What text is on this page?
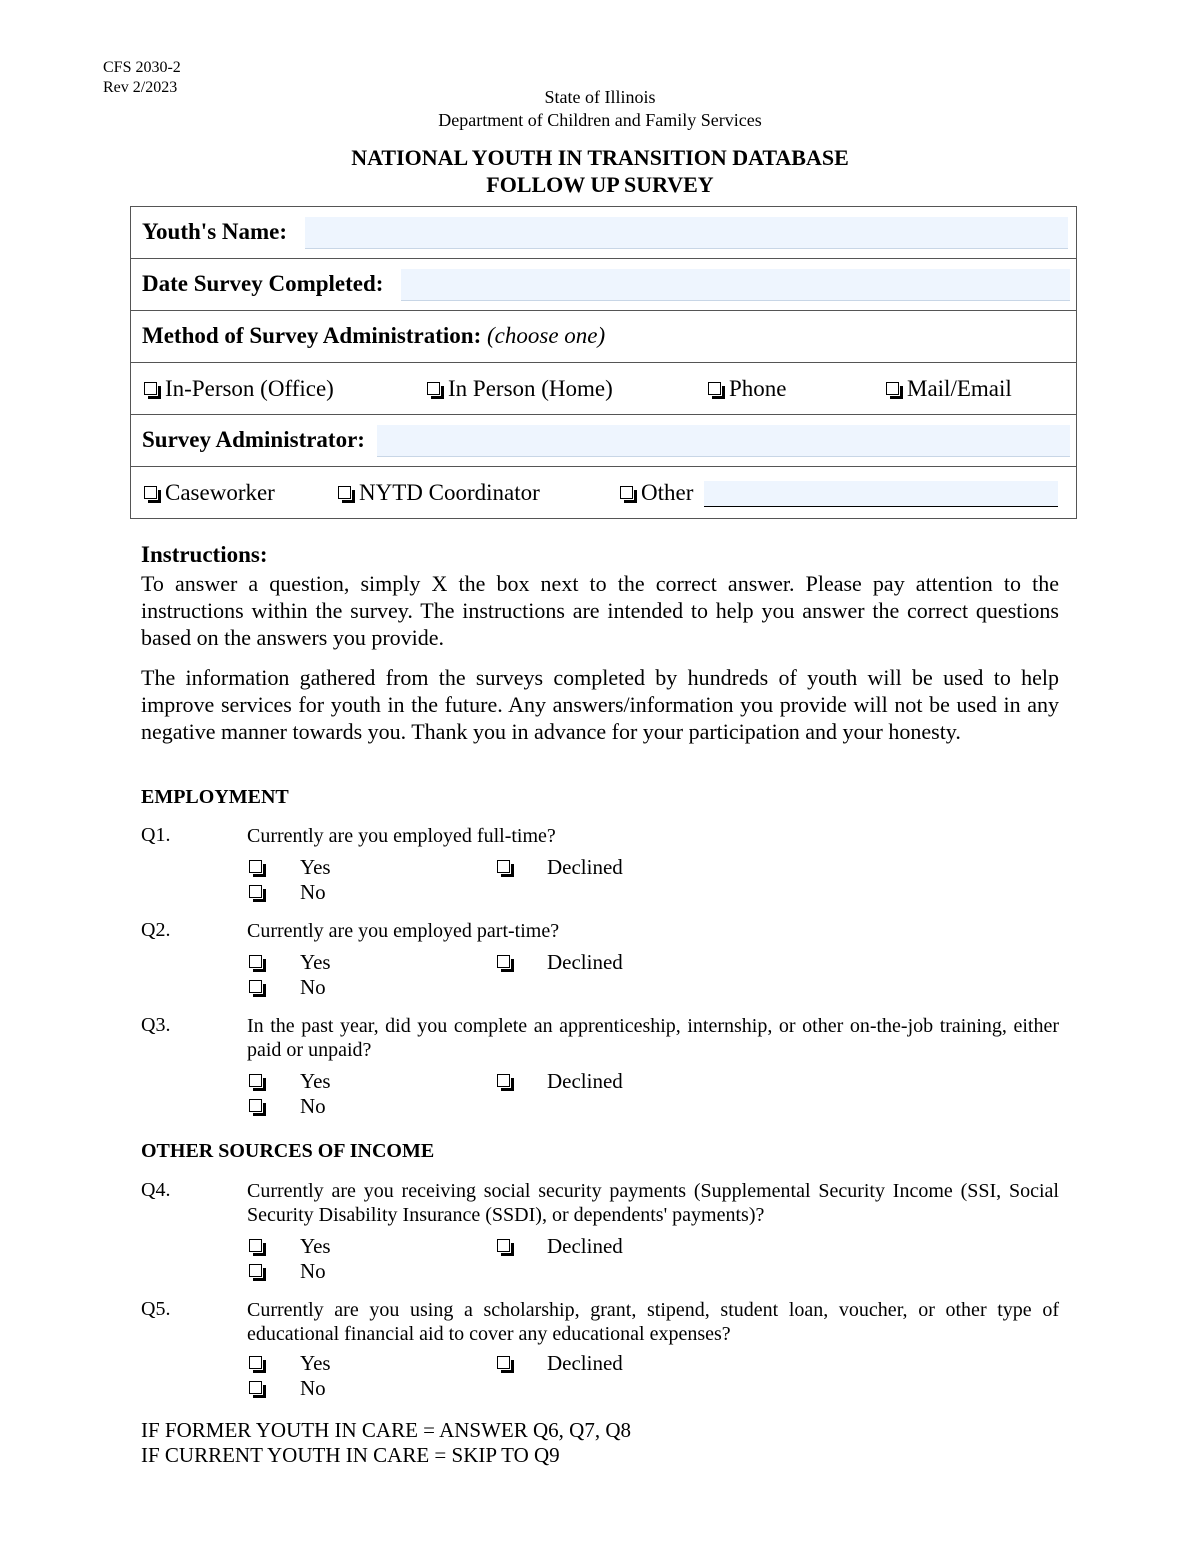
CFS 2030-2
Rev 2/2023	State of Illinois
Department of Children and Family Services
NATIONAL YOUTH IN TRANSITION DATABASE
FOLLOW UP SURVEY
Youth's Name:
Date Survey Completed:
Method of Survey Administration: (choose one)
In-Person (Office)	In Person (Home)	Phone	Mail/Email
Survey Administrator:
Caseworker	NYTD Coordinator	Other
Instructions:
To answer a question, simply X the box next to the correct answer. Please pay attention to the instructions within the survey. The instructions are intended to help you answer the correct questions based on the answers you provide.
The information gathered from the surveys completed by hundreds of youth will be used to help improve services for youth in the future. Any answers/information you provide will not be used in any negative manner towards you. Thank you in advance for your participation and your honesty.
EMPLOYMENT
Q1.	Currently are you employed full-time?
Yes
No
Declined
Q2.	Currently are you employed part-time?
Yes
No
Declined
Q3.	In the past year, did you complete an apprenticeship, internship, or other on-the-job training, either paid or unpaid?
Yes
No
Declined
OTHER SOURCES OF INCOME
Q4.	Currently are you receiving social security payments (Supplemental Security Income (SSI, Social Security Disability Insurance (SSDI), or dependents' payments)?
Yes
No
Declined
Q5.	Currently are you using a scholarship, grant, stipend, student loan, voucher, or other type of educational financial aid to cover any educational expenses?
Yes
No
Declined
IF FORMER YOUTH IN CARE = ANSWER Q6, Q7, Q8
IF CURRENT YOUTH IN CARE = SKIP TO Q9
